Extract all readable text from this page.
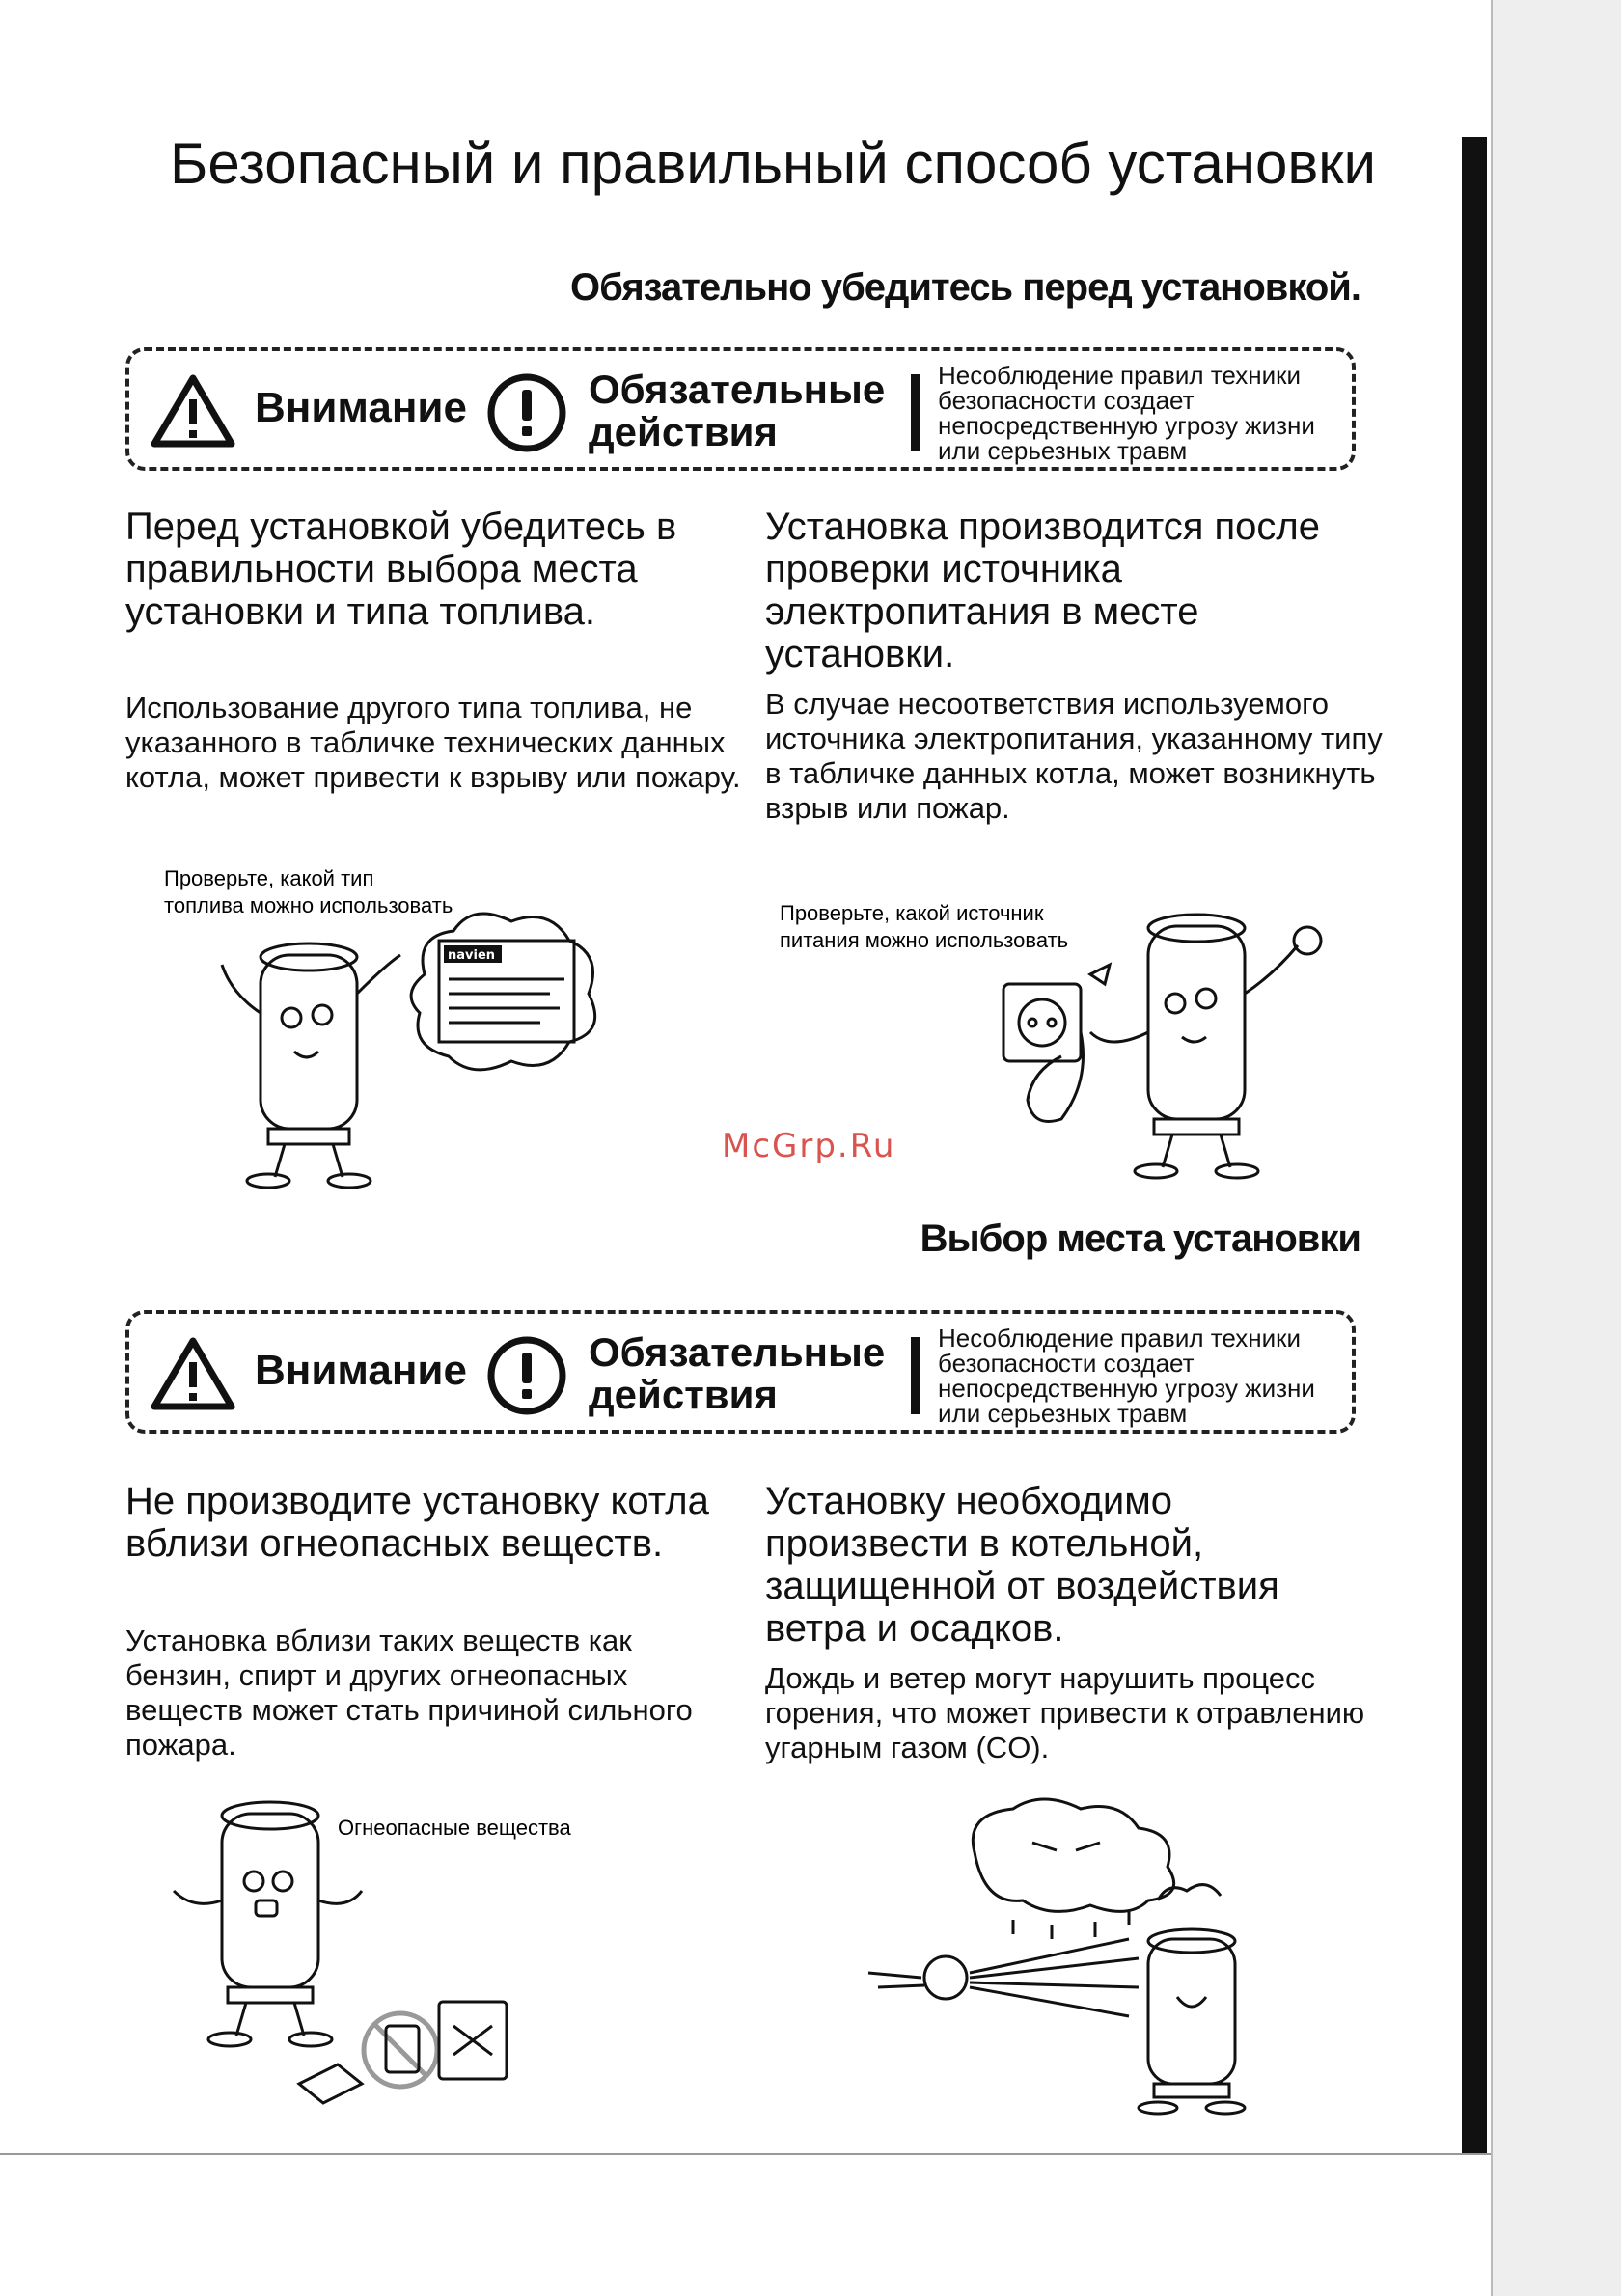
Безопасный и правильный способ установки
Обязательно убедитесь перед установкой.
Внимание	Обязательные
действия
Несоблюдение правил техники безопасности создает непосредственную угрозу жизни или серьезных травм
Перед установкой убедитесь в правильности выбора места установки и типа топлива.
Использование другого типа топлива, не указанного в табличке технических данных котла, может привести к взрыву или пожару.
Установка производится после проверки источника электропитания в месте установки.
В случае несоответствия используемого источника электропитания, указанному типу в табличке данных котла, может возникнуть взрыв или пожар.
Проверьте, какой тип
топлива можно использовать
navien
Проверьте, какой источник
питания можно использовать
McGrp.Ru
Выбор места установки
Внимание	Обязательные
действия
Несоблюдение правил техники безопасности создает непосредственную угрозу жизни или серьезных травм
Не производите установку котла вблизи огнеопасных веществ.
Установка вблизи таких веществ как бензин, спирт и других огнеопасных веществ может стать причиной сильного пожара.
Установку необходимо произвести в котельной, защищенной от воздействия ветра и осадков.
Дождь и ветер могут нарушить процесс горения, что может привести к отравлению угарным газом (CO).
Огнеопасные вещества
